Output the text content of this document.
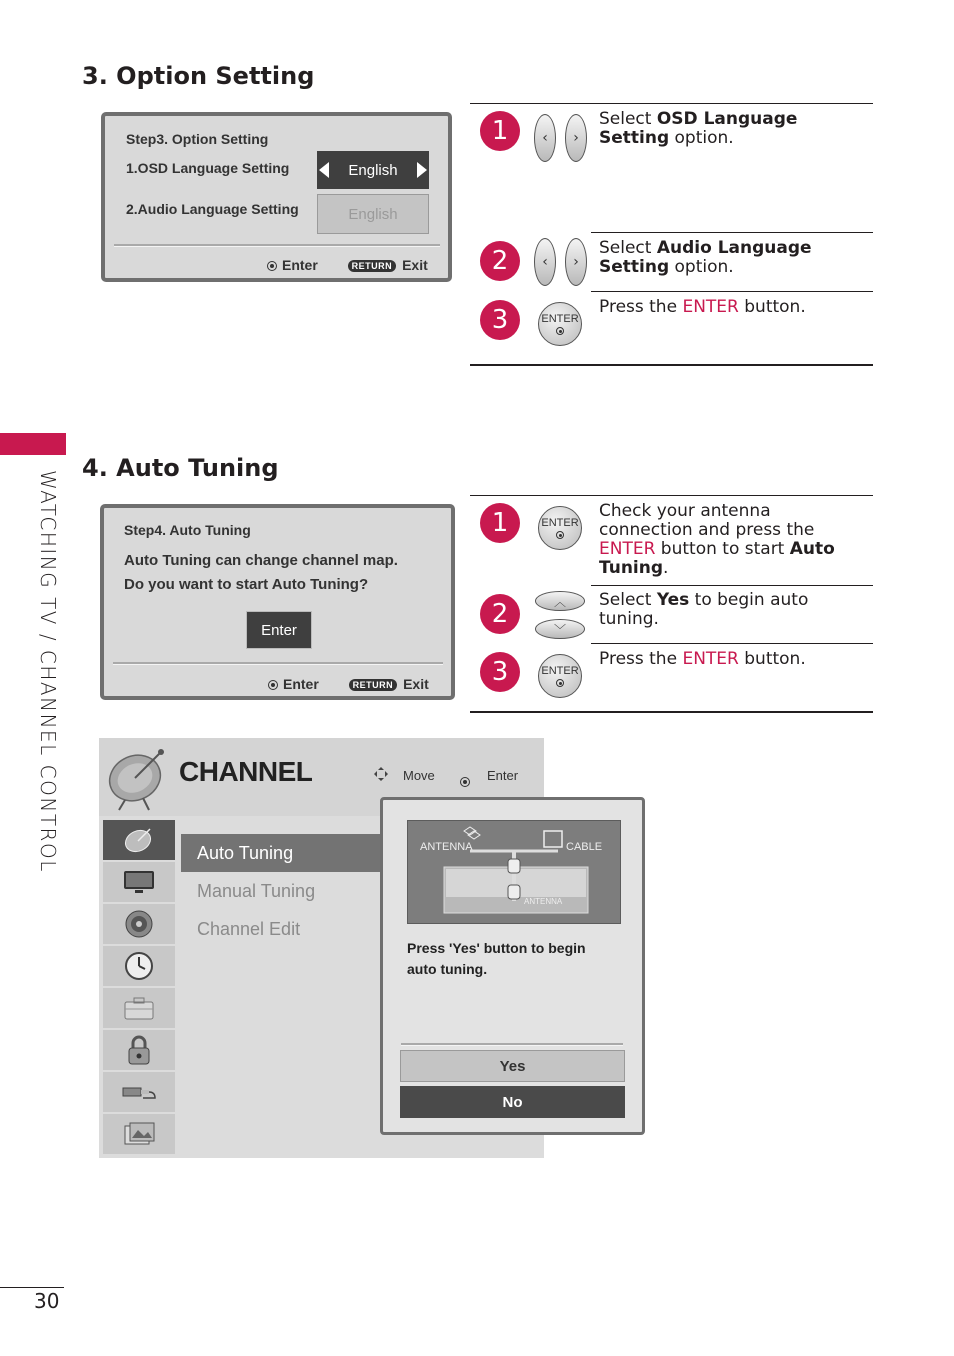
WATCHING TV / CHANNEL CONTROL
3. Option Setting
Step3. Option Setting
1.OSD Language Setting	English
2.Audio Language Setting	English
Enter	RETURN Exit
1	‹	›
Select OSD Language Setting option.
2	‹	›
Select Audio Language Setting option.
3	ENTER
Press the ENTER button.
4. Auto Tuning
Step4. Auto Tuning
Auto Tuning can change channel map.
Do you want to start Auto Tuning?
Enter
Enter	RETURN Exit
1	ENTER
Check your antenna connection and press the ENTER button to start Auto Tuning.
2	︿
﹀
Select Yes to begin auto tuning.
3	ENTER
Press the ENTER button.
CHANNEL	Move	Enter
Auto Tuning
Manual Tuning
Channel Edit
ANTENNA	CABLE
ANTENNA
Press 'Yes' button to begin auto tuning.
Yes
No
30
